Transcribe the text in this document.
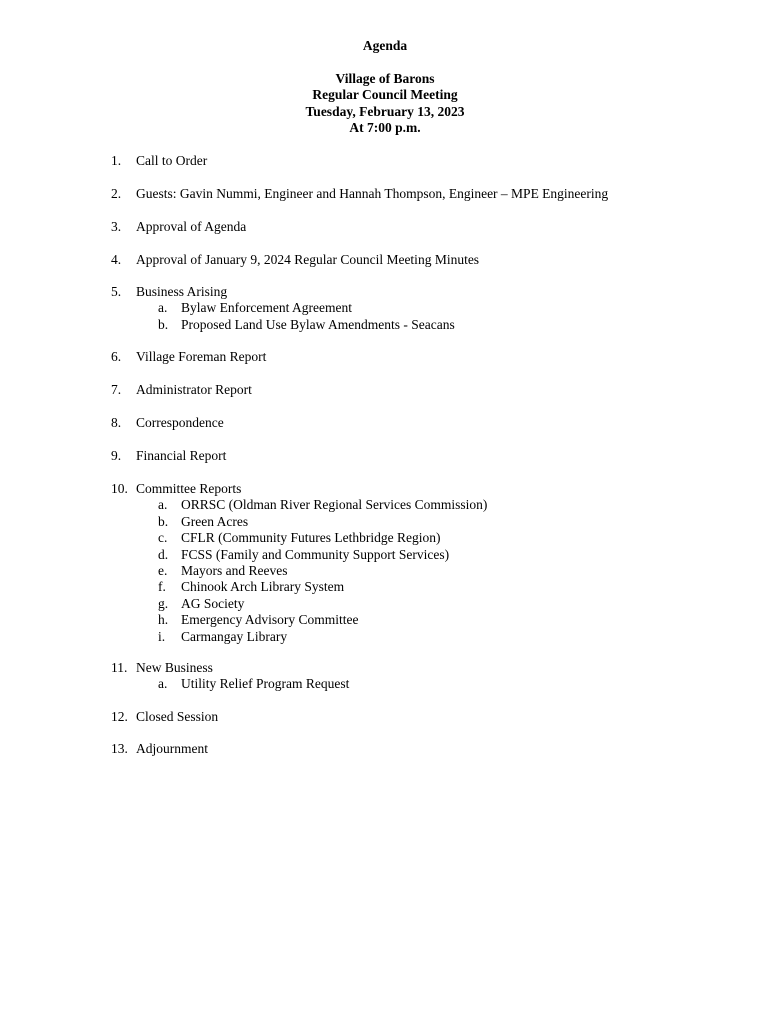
Agenda
Village of Barons
Regular Council Meeting
Tuesday, February 13, 2023
At 7:00 p.m.
1. Call to Order
2. Guests: Gavin Nummi, Engineer and Hannah Thompson, Engineer – MPE Engineering
3. Approval of Agenda
4. Approval of January 9, 2024 Regular Council Meeting Minutes
5. Business Arising
a. Bylaw Enforcement Agreement
b. Proposed Land Use Bylaw Amendments - Seacans
6. Village Foreman Report
7. Administrator Report
8. Correspondence
9. Financial Report
10. Committee Reports
a. ORRSC (Oldman River Regional Services Commission)
b. Green Acres
c. CFLR (Community Futures Lethbridge Region)
d. FCSS (Family and Community Support Services)
e. Mayors and Reeves
f. Chinook Arch Library System
g. AG Society
h. Emergency Advisory Committee
i. Carmangay Library
11. New Business
a. Utility Relief Program Request
12. Closed Session
13. Adjournment
